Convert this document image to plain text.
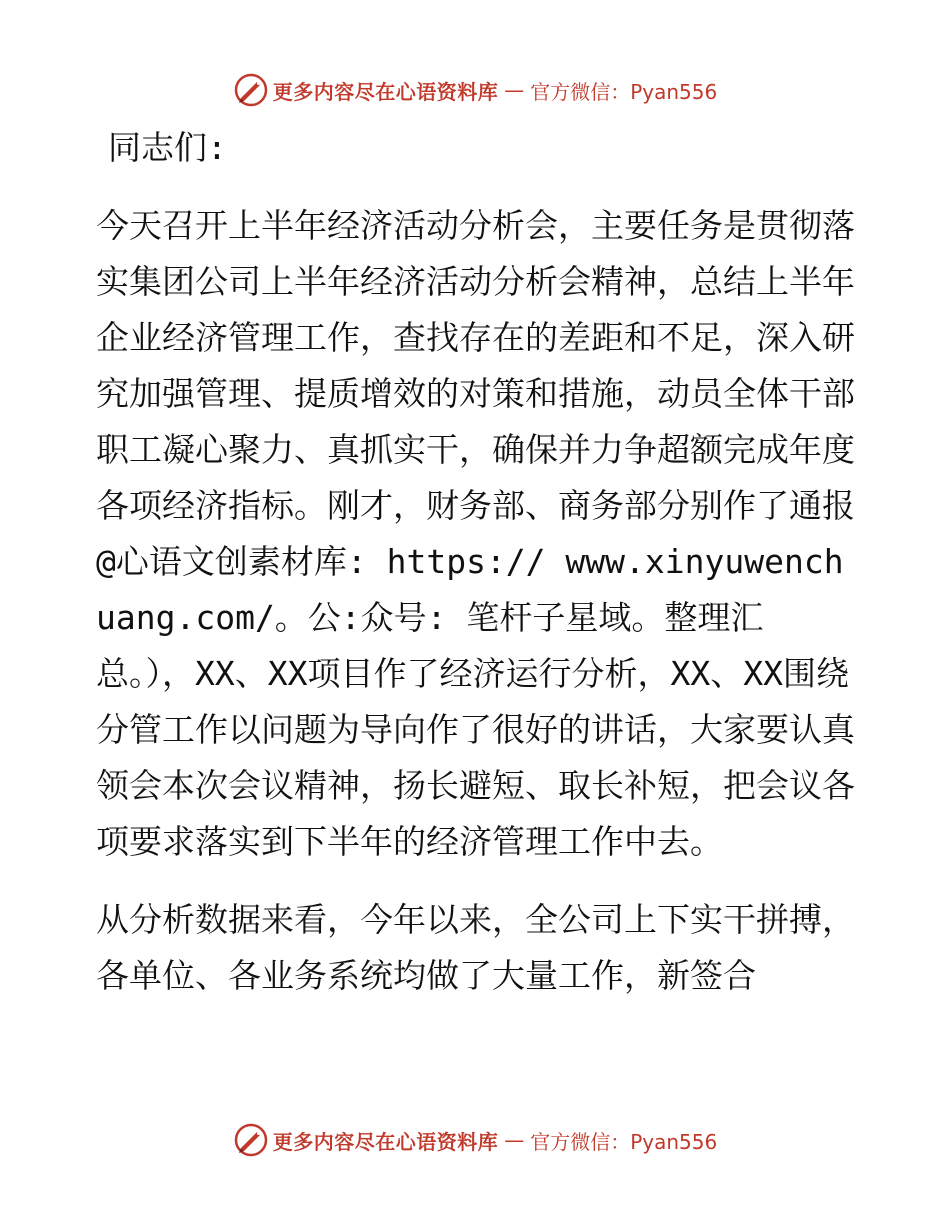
更多内容尽在心语资料库 — 官方微信：Pyan556
同志们:
今天召开上半年经济活动分析会，主要任务是贯彻落实集团公司上半年经济活动分析会精神，总结上半年企业经济管理工作，查找存在的差距和不足，深入研究加强管理、提质增效的对策和措施，动员全体干部职工凝心聚力、真抓实干，确保并力争超额完成年度各项经济指标。刚才，财务部、商务部分别作了通报@心语文创素材库: https:// www.xinyuwenchuang.com/。公:众号: 笔杆子星域。整理汇总。），XX、XX项目作了经济运行分析，XX、XX围绕分管工作以问题为导向作了很好的讲话，大家要认真领会本次会议精神，扬长避短、取长补短，把会议各项要求落实到下半年的经济管理工作中去。
从分析数据来看，今年以来，全公司上下实干拼搏，各单位、各业务系统均做了大量工作，新签合
更多内容尽在心语资料库 — 官方微信：Pyan556
